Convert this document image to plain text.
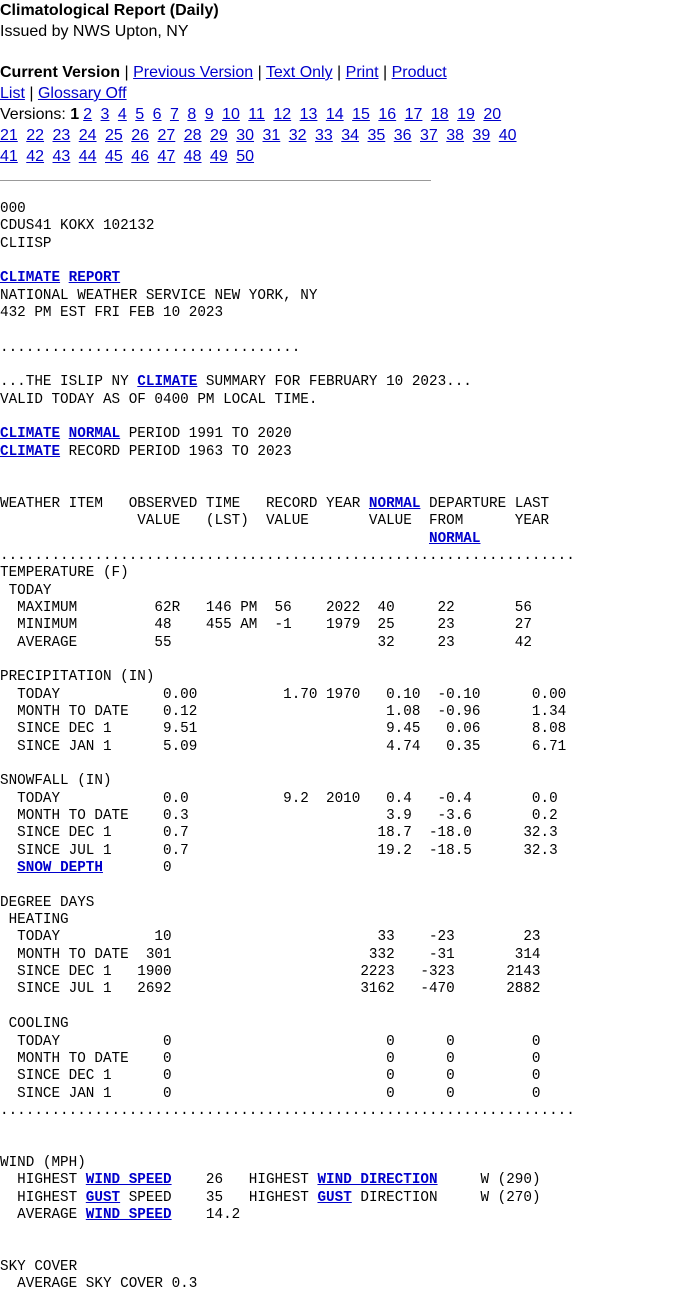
Climatological Report (Daily)
Issued by NWS Upton, NY
Current Version | Previous Version | Text Only | Print | Product
List | Glossary Off
Versions: 1 2 3 4 5 6 7 8 9 10 11 12 13 14 15 16 17 18 19 20 21 22 23 24 25 26 27 28 29 30 31 32 33 34 35 36 37 38 39 40 41 42 43 44 45 46 47 48 49 50
000
CDUS41 KOKX 102132
CLIISP

CLIMATE REPORT
NATIONAL WEATHER SERVICE NEW YORK, NY
432 PM EST FRI FEB 10 2023

...................................

...THE ISLIP NY CLIMATE SUMMARY FOR FEBRUARY 10 2023...
VALID TODAY AS OF 0400 PM LOCAL TIME.

CLIMATE NORMAL PERIOD 1991 TO 2020
CLIMATE RECORD PERIOD 1963 TO 2023

WEATHER ITEM   OBSERVED TIME   RECORD YEAR NORMAL DEPARTURE LAST
VALUE   (LST)  VALUE       VALUE  FROM      YEAR
NORMAL
...................................................................
TEMPERATURE (F)
TODAY
MAXIMUM         62R   146 PM  56    2022  40     22       56
MINIMUM         48    455 AM  -1    1979  25     23       27
AVERAGE         55                        32     23       42

PRECIPITATION (IN)
TODAY            0.00          1.70 1970   0.10  -0.10      0.00
MONTH TO DATE    0.12                      1.08  -0.96      1.34
SINCE DEC 1      9.51                      9.45   0.06      8.08
SINCE JAN 1      5.09                      4.74   0.35      6.71

SNOWFALL (IN)
TODAY            0.0           9.2  2010   0.4   -0.4       0.0
MONTH TO DATE    0.3                       3.9   -3.6       0.2
SINCE DEC 1      0.7                      18.7  -18.0      32.3
SINCE JUL 1      0.7                      19.2  -18.5      32.3
SNOW DEPTH       0

DEGREE DAYS
HEATING
TODAY           10                        33    -23        23
MONTH TO DATE  301                       332    -31       314
SINCE DEC 1   1900                      2223   -323      2143
SINCE JUL 1   2692                      3162   -470      2882

COOLING
TODAY            0                         0      0         0
MONTH TO DATE    0                         0      0         0
SINCE DEC 1      0                         0      0         0
SINCE JAN 1      0                         0      0         0
...................................................................

WIND (MPH)
HIGHEST WIND SPEED    26   HIGHEST WIND DIRECTION     W (290)
HIGHEST GUST SPEED    35   HIGHEST GUST DIRECTION     W (270)
AVERAGE WIND SPEED    14.2

SKY COVER
AVERAGE SKY COVER 0.3
